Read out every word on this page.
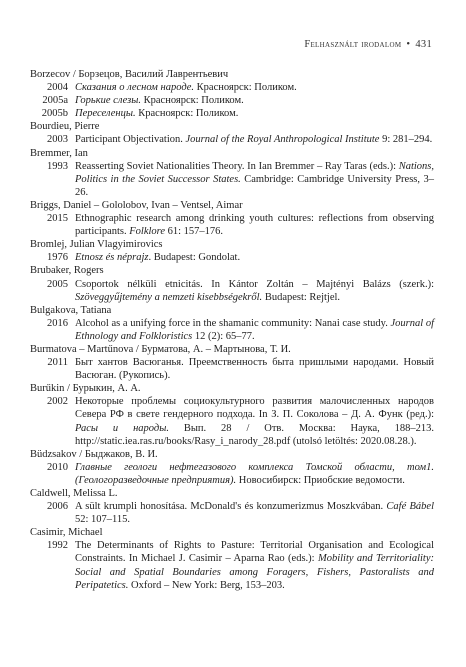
Felhasznált irodalom • 431
Borzecov / Борзецов, Василий Лаврентьевич
2004 Сказания о лесном народе. Красноярск: Поликом.
2005a Горькие слезы. Красноярск: Поликом.
2005b Переселенцы. Красноярск: Поликом.
Bourdieu, Pierre
2003 Participant Objectivation. Journal of the Royal Anthropological Institute 9: 281–294.
Bremmer, Ian
1993 Reasserting Soviet Nationalities Theory. In Ian Bremmer – Ray Taras (eds.): Nations, Politics in the Soviet Successor States. Cambridge: Cambridge University Press, 3–26.
Briggs, Daniel – Gololobov, Ivan – Ventsel, Aimar
2015 Ethnographic research among drinking youth cultures: reflections from observing participants. Folklore 61: 157–176.
Bromlej, Julian Vlagyimirovics
1976 Etnosz és néprajz. Budapest: Gondolat.
Brubaker, Rogers
2005 Csoportok nélküli etnicitás. In Kántor Zoltán – Majtényi Balázs (szerk.): Szöveggyűjtemény a nemzeti kisebbségekről. Budapest: Rejtjel.
Bulgakova, Tatiana
2016 Alcohol as a unifying force in the shamanic community: Nanai case study. Journal of Ethnology and Folkloristics 12 (2): 65–77.
Burmatova – Martűnova / Бурматова, А. – Мартынова, Т. И.
2011 Быт хантов Васюганья. Преемственность быта пришлыми народами. Новый Васюган. (Рукопись).
Burűkin / Бурыкин, А. А.
2002 Некоторые проблемы социокультурного развития малочисленных народов Севера РФ в свете гендерного подхода. In З. П. Соколова – Д. А. Функ (ред.): Расы и народы. Вып. 28 / Отв. Москва: Наука, 188–213. http://static.iea.ras.ru/books/Rasy_i_narody_28.pdf (utolsó letöltés: 2020.08.28.).
Büdzsakov / Быджаков, В. И.
2010 Главные геологи нефтегазового комплекса Томской области, том1. (Геологоразведочные предприятия). Новосибирск: Приобские ведомости.
Caldwell, Melissa L.
2006 A sült krumpli honosítása. McDonald's és konzumerizmus Moszkvában. Café Bábel 52: 107–115.
Casimir, Michael
1992 The Determinants of Rights to Pasture: Territorial Organisation and Ecological Constraints. In Michael J. Casimir – Aparna Rao (eds.): Mobility and Territoriality: Social and Spatial Boundaries among Foragers, Fishers, Pastoralists and Peripatetics. Oxford – New York: Berg, 153–203.
